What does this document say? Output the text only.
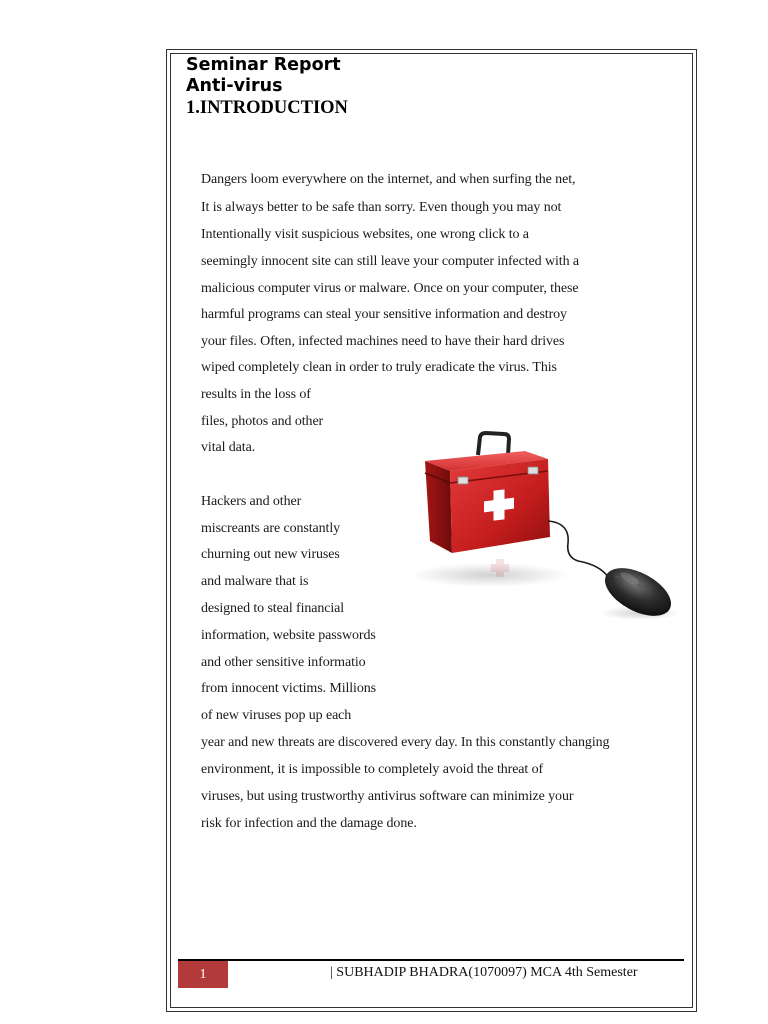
Seminar Report
Anti-virus
1.INTRODUCTION
Dangers loom everywhere on the internet, and when surfing the net,
It is always better to be safe than sorry. Even though you may not
Intentionally visit suspicious websites, one wrong click to a
seemingly innocent site can still leave your computer infected with a
malicious computer virus or malware. Once on your computer, these
harmful programs can steal your sensitive information and destroy
your files. Often, infected machines need to have their hard drives
wiped completely clean in order to truly eradicate the virus. This
results in the loss of
files, photos and other
vital data.
Hackers and other
miscreants are constantly
churning out new viruses
and malware that is
designed to steal financial
information, website passwords
and other sensitive informatio
from innocent victims. Millions
of new viruses pop up each
year and new threats are discovered every day. In this constantly changing
environment, it is impossible to completely avoid the threat of
viruses, but using trustworthy antivirus software can minimize your
risk for infection and the damage done.
1	| SUBHADIP BHADRA(1070097) MCA 4th Semester
